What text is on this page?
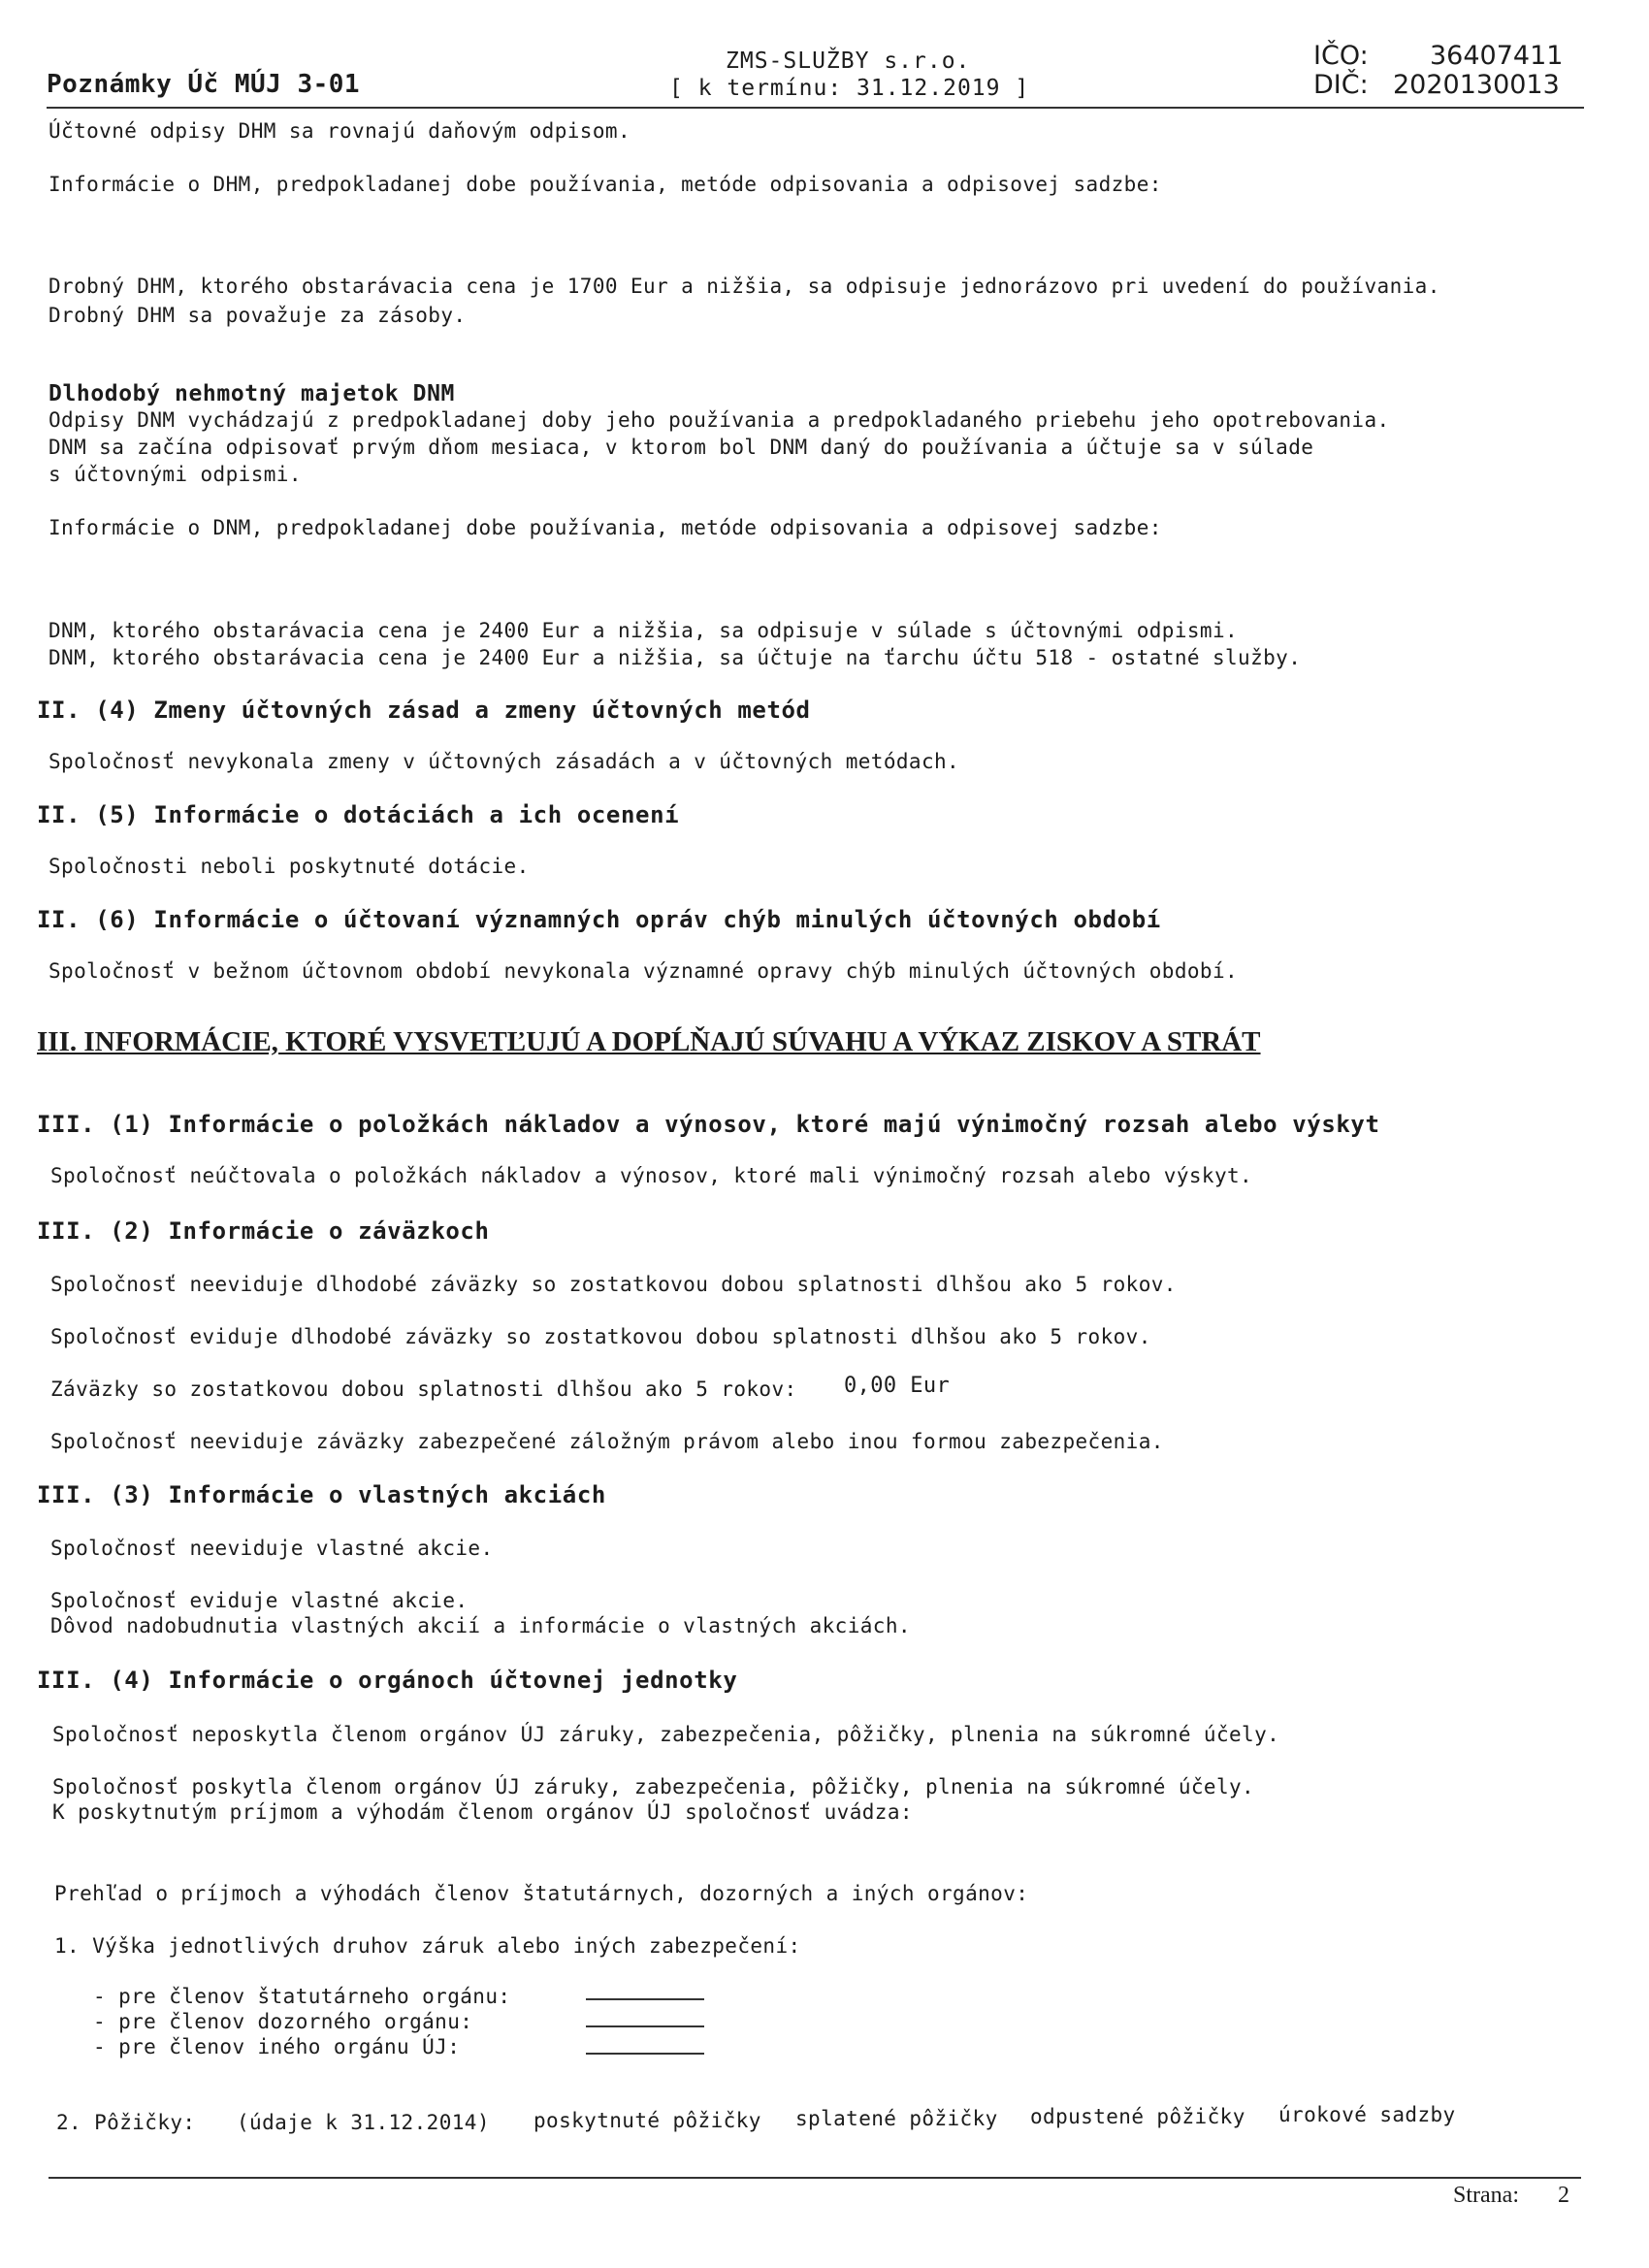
Poznámky Úč MÚJ 3-01
ZMS-SLUŽBY s.r.o.
[ k termínu: 31.12.2019 ]
IČO: 36407411
DIČ: 2020130013
Účtovné odpisy DHM sa rovnajú daňovým odpisom.
Informácie o DHM, predpokladanej dobe používania, metóde odpisovania a odpisovej sadzbe:
Drobný DHM, ktorého obstarávacia cena je 1700 Eur a nižšia, sa odpisuje jednorázovo pri uvedení do používania.
Drobný DHM sa považuje za zásoby.
Dlhodobý nehmotný majetok DNM
Odpisy DNM vychádzajú z predpokladanej doby jeho používania a predpokladaného priebehu jeho opotrebovania.
DNM sa začína odpisovať prvým dňom mesiaca, v ktorom bol DNM daný do používania a účtuje sa v súlade
s účtovnými odpismi.
Informácie o DNM, predpokladanej dobe používania, metóde odpisovania a odpisovej sadzbe:
DNM, ktorého obstarávacia cena je 2400 Eur a nižšia, sa odpisuje v súlade s účtovnými odpismi.
DNM, ktorého obstarávacia cena je 2400 Eur a nižšia, sa účtuje na ťarchu účtu 518 - ostatné služby.
II. (4) Zmeny účtovných zásad a zmeny účtovných metód
Spoločnosť nevykonala zmeny v účtovných zásadách a v účtovných metódach.
II. (5) Informácie o dotáciách a ich ocenení
Spoločnosti neboli poskytnuté dotácie.
II. (6) Informácie o účtovaní významných opráv chýb minulých účtovných období
Spoločnosť v bežnom účtovnom období nevykonala významné opravy chýb minulých účtovných období.
III. INFORMÁCIE, KTORÉ VYSVETĽUJÚ A DOPĹŇAJÚ SÚVAHU A VÝKAZ ZISKOV A STRÁT
III. (1) Informácie o položkách nákladov a výnosov, ktoré majú výnimočný rozsah alebo výskyt
Spoločnosť neúčtovala o položkách nákladov a výnosov, ktoré mali výnimočný rozsah alebo výskyt.
III. (2) Informácie o záväzkoch
Spoločnosť neeviduje dlhodobé záväzky so zostatkovou dobou splatnosti dlhšou ako 5 rokov.
Spoločnosť eviduje dlhodobé záväzky so zostatkovou dobou splatnosti dlhšou ako 5 rokov.
Záväzky so zostatkovou dobou splatnosti dlhšou ako 5 rokov: 0,00 Eur
Spoločnosť neeviduje záväzky zabezpečené záložným právom alebo inou formou zabezpečenia.
III. (3) Informácie o vlastných akciách
Spoločnosť neeviduje vlastné akcie.
Spoločnosť eviduje vlastné akcie.
Dôvod nadobudnutia vlastných akcií a informácie o vlastných akciách.
III. (4) Informácie o orgánoch účtovnej jednotky
Spoločnosť neposkytla členom orgánov ÚJ záruky, zabezpečenia, pôžičky, plnenia na súkromné účely.
Spoločnosť poskytla členom orgánov ÚJ záruky, zabezpečenia, pôžičky, plnenia na súkromné účely.
K poskytnutým príjmom a výhodám členom orgánov ÚJ spoločnosť uvádza:
Prehľad o príjmoch a výhodách členov štatutárnych, dozorných a iných orgánov:
1. Výška jednotlivých druhov záruk alebo iných zabezpečení:
- pre členov štatutárneho orgánu:
- pre členov dozorného orgánu:
- pre členov iného orgánu ÚJ:
2. Pôžičky: (údaje k 31.12.2014) poskytnuté pôžičky splatené pôžičky odpustené pôžičky úrokové sadzby
Strana: 2
